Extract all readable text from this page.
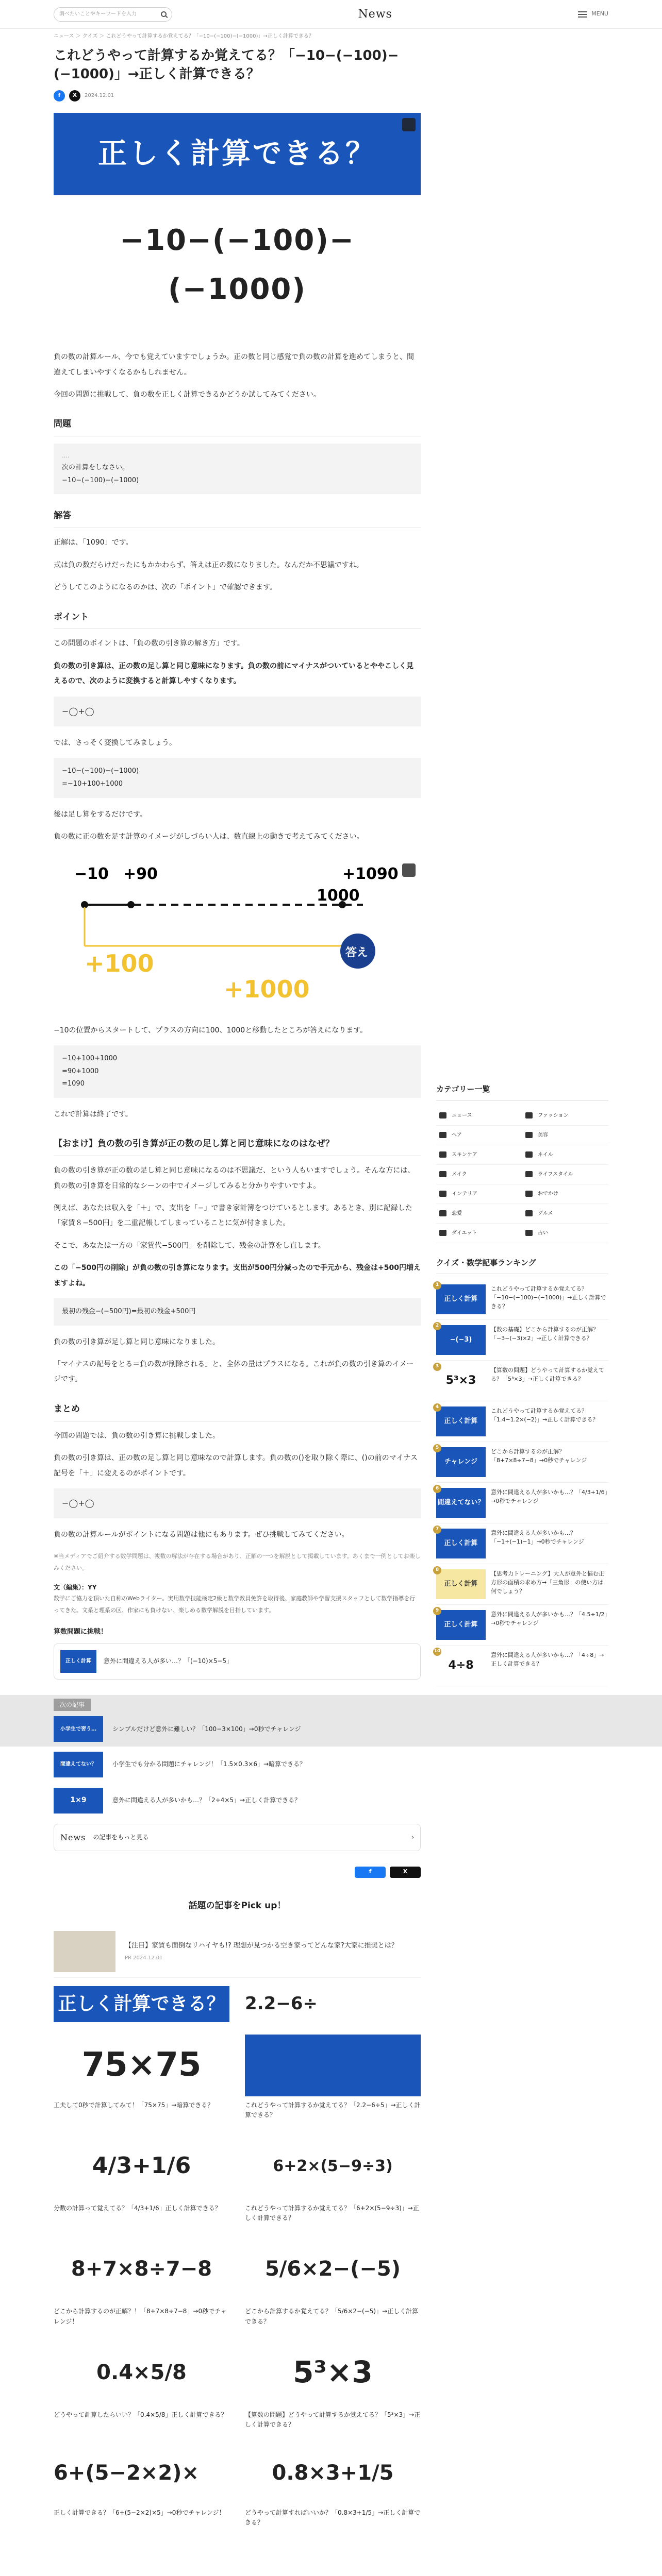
調べたいことやキーワードを入力	News	MENU
ニュース ＞ クイズ ＞ これどうやって計算するか覚えてる？「−10−(−100)−(−1000)」→正しく計算できる？
これどうやって計算するか覚えてる？「−10−(−100)−(−1000)」→正しく計算できる？
f	X	2024.12.01
正しく計算できる？
−10−(−100)−(−1000)

負の数の計算ルール、今でも覚えていますでしょうか。正の数と同じ感覚で負の数の計算を進めてしまうと、間違えてしまいやすくなるかもしれません。

今回の問題に挑戦して、負の数を正しく計算できるかどうか試してみてください。

問題
‥‥
次の計算をしなさい。
−10−(−100)−(−1000)
解答

正解は、「1090」です。

式は負の数だらけだったにもかかわらず、答えは正の数になりました。なんだか不思議ですね。

どうしてこのようになるのかは、次の「ポイント」で確認できます。

ポイント

この問題のポイントは、「負の数の引き算の解き方」です。

負の数の引き算は、正の数の足し算と同じ意味になります。負の数の前にマイナスがついているとややこしく見えるので、次のように変換すると計算しやすくなります。

−◯+◯

では、さっそく変換してみましょう。

−10−(−100)−(−1000)
=−10+100+1000

後は足し算をするだけです。

負の数に正の数を足す計算のイメージがしづらい人は、数直線上の動きで考えてみてください。

−10 +90	+1090
1000
+100
+1000
答え

−10の位置からスタートして、プラスの方向に100、1000と移動したところが答えになります。

−10+100+1000
=90+1000
=1090

これで計算は終了です。

【おまけ】負の数の引き算が正の数の足し算と同じ意味になのはなぜ？

負の数の引き算が正の数の足し算と同じ意味になるのは不思議だ、という人もいますでしょう。そんな方には、負の数の引き算を日常的なシーンの中でイメージしてみると分かりやすいですよ。

例えば、あなたは収入を「＋」で、支出を「−」で書き家計簿をつけているとします。あるとき、別に記録した「家賃８−500円」を二重記帳してしまっていることに気が付きました。

そこで、あなたは一方の「家賃代−500円」を削除して、残金の計算をし直します。

この「−500円の削除」が負の数の引き算になります。支出が500円分減ったので手元から、残金は+500円増えますよね。

最初の残金−(−500円)=最初の残金+500円

負の数の引き算が足し算と同じ意味になりました。

「マイナスの記号をとる＝負の数が削除される」と、全体の量はプラスになる。これが負の数の引き算のイメージです。

まとめ

今回の問題では、負の数の引き算に挑戦しました。

負の数の引き算は、正の数の足し算と同じ意味なので計算します。負の数の()を取り除く際に、()の前のマイナス記号を「＋」に変えるのがポイントです。

−◯+◯

負の数の計算ルールがポイントになる問題は他にもあります。ぜひ挑戦してみてください。

※当メディアでご紹介する数学問題は、複数の解法が存在する場合があり、正解の一つを解説として掲載しています。あくまで一例としてお楽しみください。

文（編集）：YY

数学にご協力を頂いた自称のWebライター。実用数学技能検定2級と数学教員免許を取得後、家庭教師や学習支援スタッフとして数学指導を行ってきた。文系と理系の区、作家にも負けない、楽しめる数学解説を目指しています。

算数問題に挑戦！
正しく計算	意外に間違える人が多い…？「(−10)×5−5」
次の記事
小学生で習う…	シンプルだけど意外に難しい？「100−3×100」→0秒でチャレンジ
間違えてない？	小学生でも分かる問題にチャレンジ！「1.5×0.3×6」→暗算できる？
1×9	意外に間違える人が多いかも…？「2÷4×5」→正しく計算できる？
News の記事をもっと見る	›
f	X
話題の記事をPick up！
【注目】家賃も面倒なリハイヤも!? 理想が見つかる空き家ってどんな家?大家に推奨とは？
PR 2024.12.01
正しく計算できる？ 2.2−6÷
75×75
工夫して0秒で計算してみて！「75×75」→暗算できる？	これどうやって計算するか覚えてる？「2.2−6÷5」→正しく計算できる？
4/3+1/6
分数の計算って覚えてる？「4/3+1/6」正しく計算できる？
6+2×(5−9÷3)
これどうやって計算するか覚えてる？「6+2×(5−9÷3)」→正しく計算できる？
8+7×8÷7−8
どこから計算するのが正解？！「8+7×8÷7−8」→0秒でチャレンジ！
5/6×2−(−5)
どこから計算するか覚えてる？「5/6×2−(−5)」→正しく計算できる？
0.4×5/8
どうやって計算したらいい？「0.4×5/8」正しく計算できる？
5³×3
【算数の問題】どうやって計算するか覚えてる？「5³×3」→正しく計算できる？
6+(5−2×2)×
正しく計算できる？「6+(5−2×2)×5」→0秒でチャレンジ！
0.8×3+1/5
どうやって計算すればいいか？「0.8×3+1/5」→正しく計算できる？
カテゴリー一覧
ニュース	ファッション
ヘア	美容
スキンケア	ネイル
メイク	ライフスタイル
インテリア	おでかけ
恋愛	グルメ
ダイエット	占い
クイズ・数学記事ランキング
1
正しく計算
これどうやって計算するか覚えてる？「−10−(−100)−(−1000)」→正しく計算できる？
2
−(−3)
【数の基礎】どこから計算するのが正解？「−3−(−3)×2」→正しく計算できる？
3
5³×3
【算数の問題】どうやって計算するか覚えてる？「5³×3」→正しく計算できる？
4
正しく計算
これどうやって計算するか覚えてる？「1.4−1.2×(−2)」→正しく計算できる？
5
チャレンジ
どこから計算するのが正解？「8+7×8÷7−8」→0秒でチャレンジ
6
間違えてない？
意外に間違える人が多いかも…？「4/3+1/6」→0秒でチャレンジ
7
正しく計算
意外に間違える人が多いかも…？「−1÷(−1)−1」→0秒でチャレンジ
8
正しく計算
【思考力トレーニング】大人が意外と悩む正方形の面積の求め方→「三角形」の使い方は何でしょう？
9
正しく計算
意外に間違える人が多いかも…？「4.5÷1/2」→0秒でチャレンジ
10
4÷8
意外に間違える人が多いかも…？「4÷8」→正しく計算できる？
